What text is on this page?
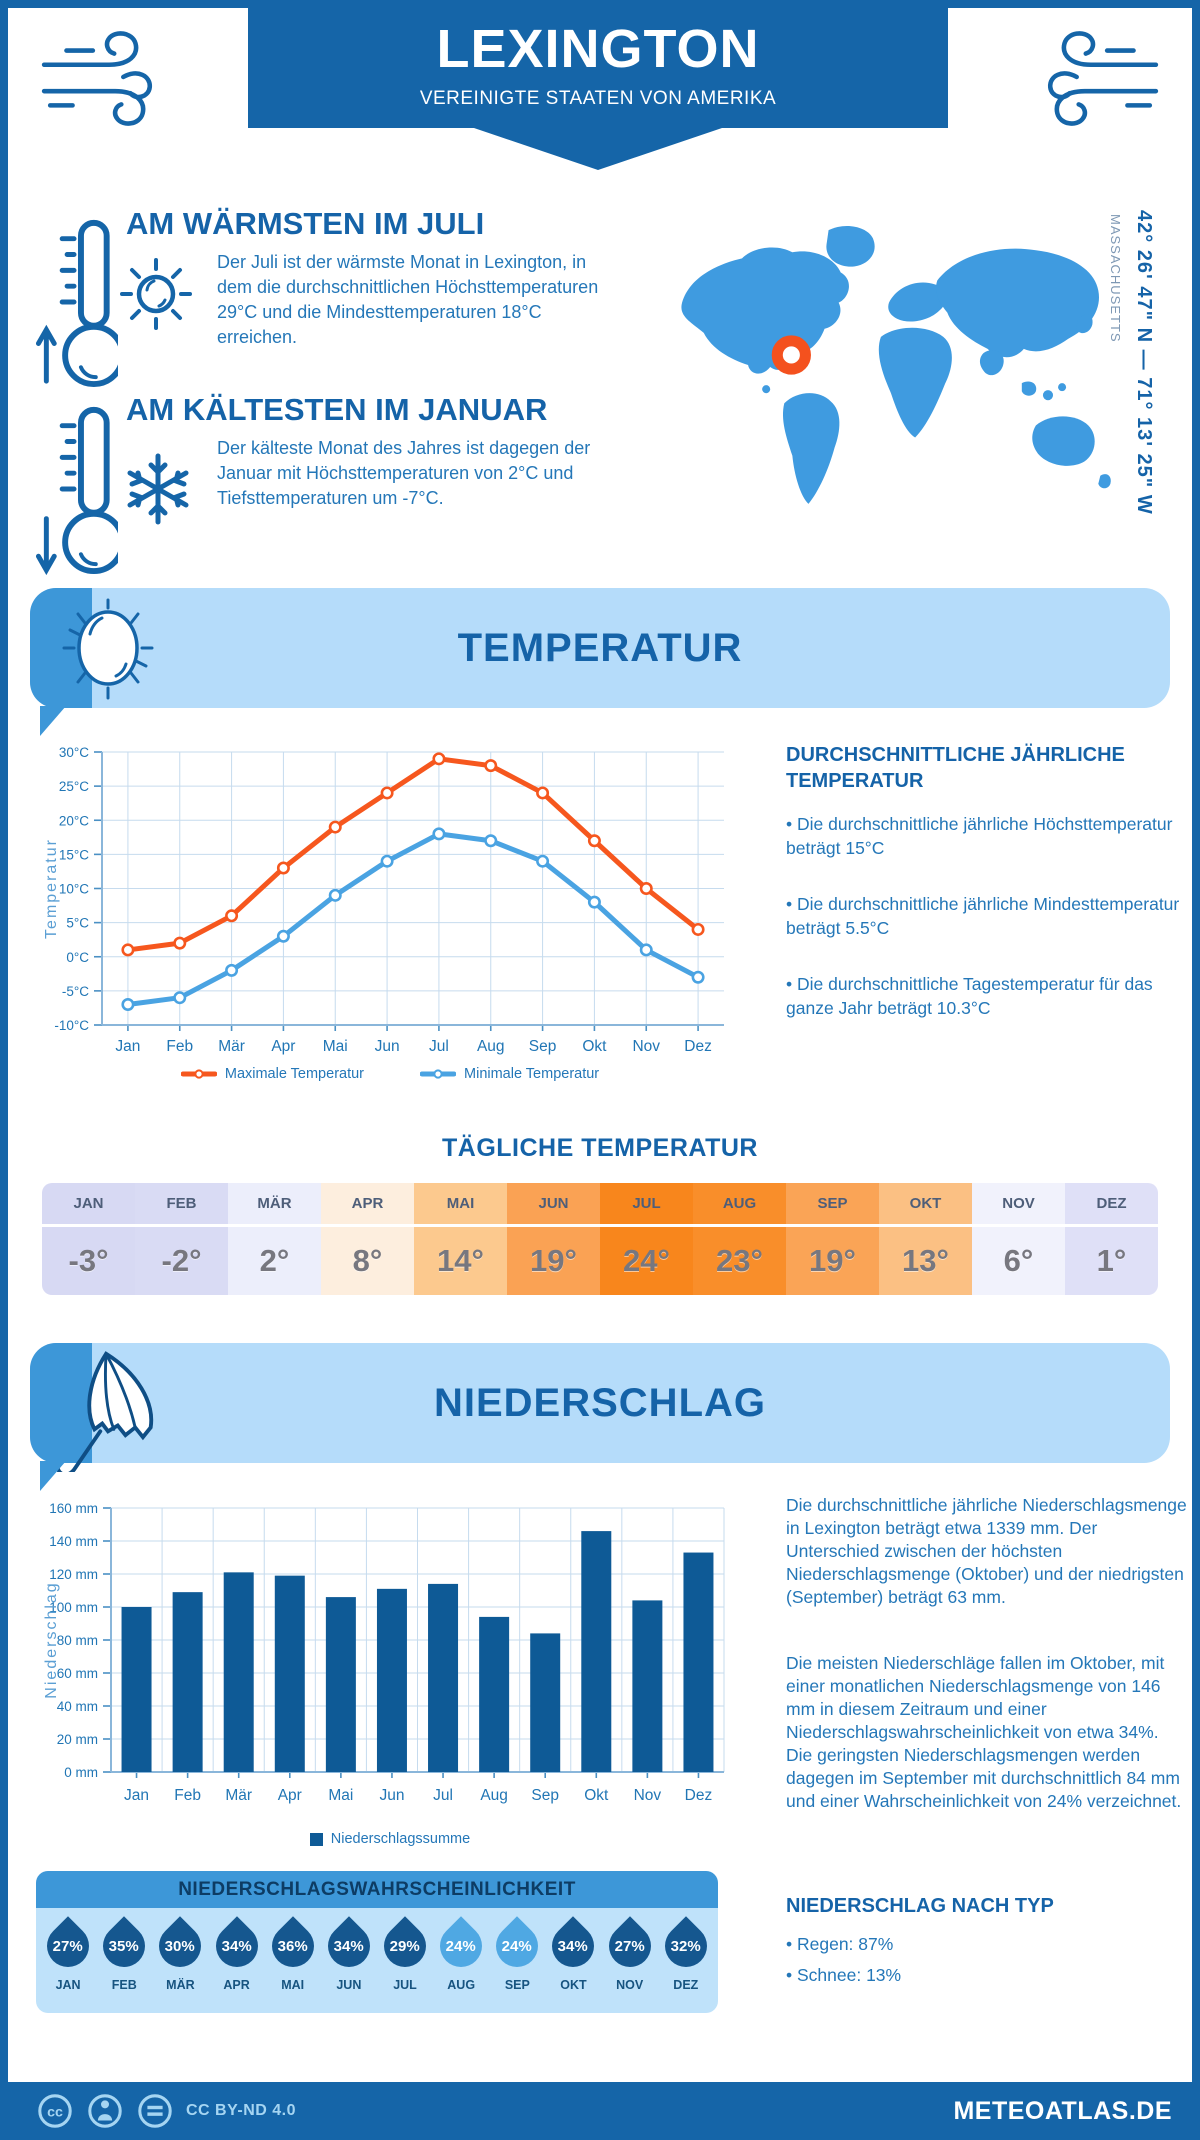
LEXINGTON
VEREINIGTE STAATEN VON AMERIKA
AM WÄRMSTEN IM JULI
Der Juli ist der wärmste Monat in Lexington, in dem die durchschnittlichen Höchsttemperaturen 29°C und die Mindesttemperaturen 18°C erreichen.
AM KÄLTESTEN IM JANUAR
Der kälteste Monat des Jahres ist dagegen der Januar mit Höchsttemperaturen von 2°C und Tiefsttemperaturen um -7°C.	42° 26' 47" N — 71° 13' 25" W
MASSACHUSETTS
TEMPERATUR
30°C
25°C
20°C
15°C
10°C
5°C
0°C
-5°C
-10°C
Jan Feb Mär Apr Mai Jun Jul Aug Sep Okt Nov Dez
Temperatur
Maximale Temperatur	Minimale Temperatur
DURCHSCHNITTLICHE JÄHRLICHE TEMPERATUR
• Die durchschnittliche jährliche Höchsttemperatur beträgt 15°C
• Die durchschnittliche jährliche Mindesttemperatur beträgt 5.5°C
• Die durchschnittliche Tagestemperatur für das ganze Jahr beträgt 10.3°C
TÄGLICHE TEMPERATUR
JAN
-3°
FEB
-2°
MÄR
2°
APR
8°
MAI
14°
JUN
19°
JUL
24°
AUG
23°
SEP
19°
OKT
13°
NOV
6°
DEZ
1°
NIEDERSCHLAG
160 mm
140 mm
120 mm
100 mm
80 mm
60 mm
40 mm
20 mm
0 mm
Jan Feb Mär Apr Mai Jun Jul Aug Sep Okt Nov Dez
Niederschlag
Niederschlagssumme
NIEDERSCHLAGSWAHRSCHEINLICHKEIT
27%
JAN
35%
FEB
30%
MÄR
34%
APR
36%
MAI
34%
JUN
29%
JUL
24%
AUG
24%
SEP
34%
OKT
27%
NOV
32%
DEZ
Die durchschnittliche jährliche Niederschlagsmenge in Lexington beträgt etwa 1339 mm. Der Unterschied zwischen der höchsten Niederschlagsmenge (Oktober) und der niedrigsten (September) beträgt 63 mm.
Die meisten Niederschläge fallen im Oktober, mit einer monatlichen Niederschlagsmenge von 146 mm in diesem Zeitraum und einer Niederschlagswahrscheinlichkeit von etwa 34%. Die geringsten Niederschlagsmengen werden dagegen im September mit durchschnittlich 84 mm und einer Wahrscheinlichkeit von 24% verzeichnet.
NIEDERSCHLAG NACH TYP
• Regen: 87%
• Schnee: 13%
cc	CC BY-ND 4.0	METEOATLAS.DE
